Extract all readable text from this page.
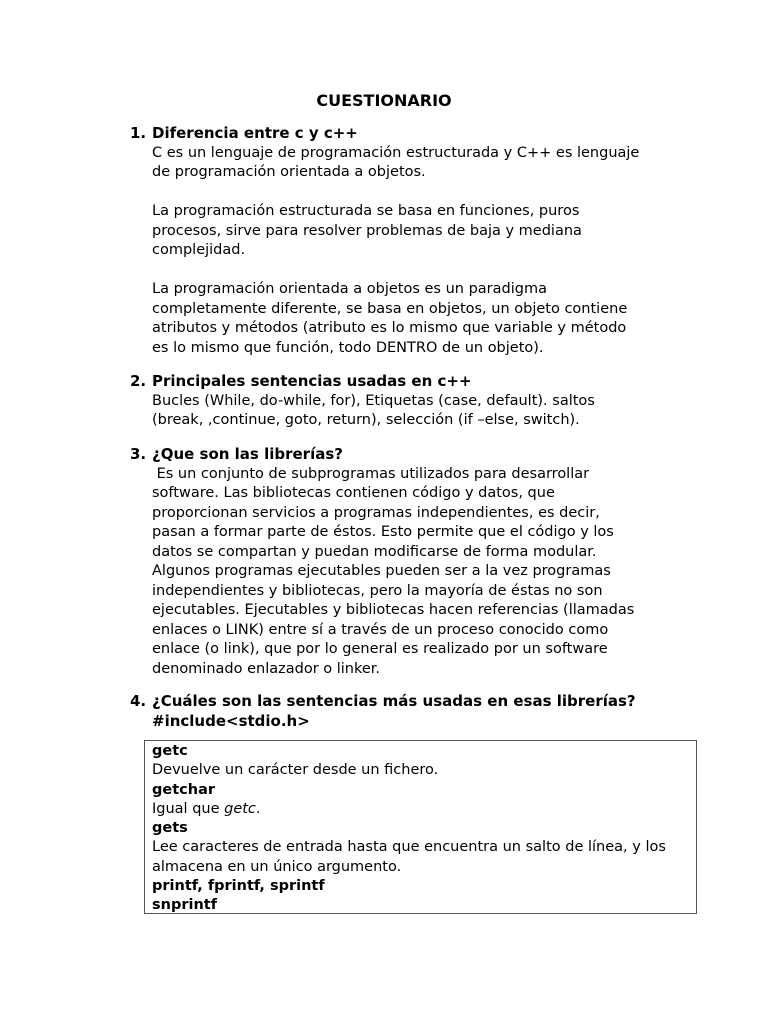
CUESTIONARIO
1. Diferencia entre c y c++
C es un lenguaje de programación estructurada y C++ es lenguaje
de programación orientada a objetos.
La programación estructurada se basa en funciones, puros
procesos, sirve para resolver problemas de baja y mediana
complejidad.
La programación orientada a objetos es un paradigma
completamente diferente, se basa en objetos, un objeto contiene
atributos y métodos (atributo es lo mismo que variable y método
es lo mismo que función, todo DENTRO de un objeto).
2. Principales sentencias usadas en c++
Bucles (While, do-while, for), Etiquetas (case, default). saltos
(break, ,continue, goto, return), selección (if –else, switch).
3. ¿Que son las librerías?
Es un conjunto de subprogramas utilizados para desarrollar
software. Las bibliotecas contienen código y datos, que
proporcionan servicios a programas independientes, es decir,
pasan a formar parte de éstos. Esto permite que el código y los
datos se compartan y puedan modificarse de forma modular.
Algunos programas ejecutables pueden ser a la vez programas
independientes y bibliotecas, pero la mayoría de éstas no son
ejecutables. Ejecutables y bibliotecas hacen referencias (llamadas
enlaces o LINK) entre sí a través de un proceso conocido como
enlace (o link), que por lo general es realizado por un software
denominado enlazador o linker.
4. ¿Cuáles son las sentencias más usadas en esas librerías?
#include<stdio.h>
getc
Devuelve un carácter desde un fichero.
getchar
Igual que getc.
gets
Lee caracteres de entrada hasta que encuentra un salto de línea, y los
almacena en un único argumento.
printf, fprintf, sprintf
snprintf
